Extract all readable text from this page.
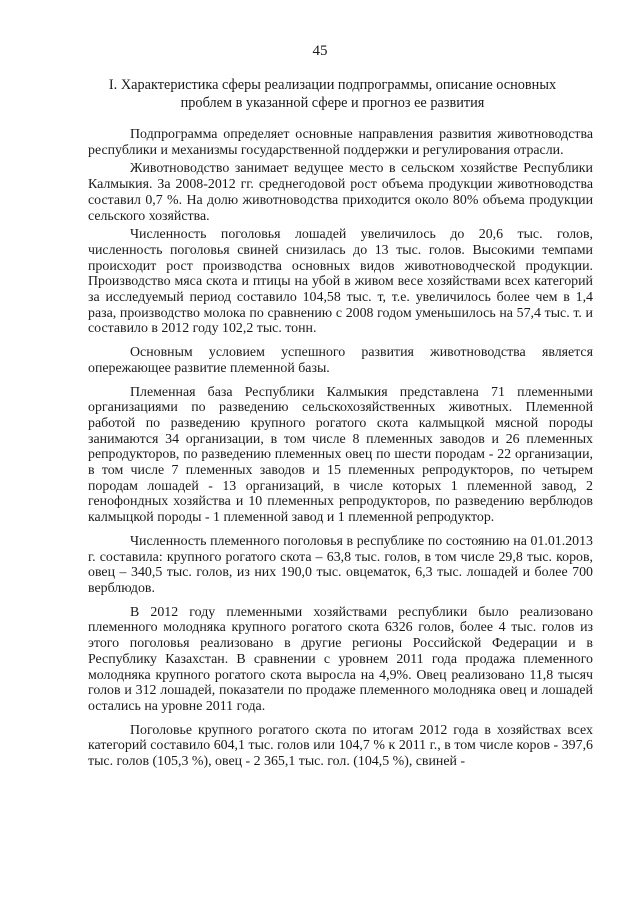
45
I. Характеристика сферы реализации подпрограммы, описание основных проблем в указанной сфере и прогноз ее развития

Подпрограмма определяет основные направления развития животноводства республики и механизмы государственной поддержки и регулирования отрасли.

Животноводство занимает ведущее место в сельском хозяйстве Республики Калмыкия. За 2008-2012 гг. среднегодовой рост объема продукции животноводства составил 0,7 %. На долю животноводства приходится около 80% объема продукции сельского хозяйства.

Численность поголовья лошадей увеличилось до 20,6 тыс. голов, численность поголовья свиней снизилась до 13 тыс. голов. Высокими темпами происходит рост производства основных видов животноводческой продукции. Производство мяса скота и птицы на убой в живом весе хозяйствами всех категорий за исследуемый период составило 104,58 тыс. т, т.е. увеличилось более чем в 1,4 раза, производство молока по сравнению с 2008 годом уменьшилось на 57,4 тыс. т. и составило в 2012 году 102,2 тыс. тонн.

Основным условием успешного развития животноводства является опережающее развитие племенной базы.

Племенная база Республики Калмыкия представлена 71 племенными организациями по разведению сельскохозяйственных животных. Племенной работой по разведению крупного рогатого скота калмыцкой мясной породы занимаются 34 организации, в том числе 8 племенных заводов и 26 племенных репродукторов, по разведению племенных овец по шести породам - 22 организации, в том числе 7 племенных заводов и 15 племенных репродукторов, по четырем породам лошадей - 13 организаций, в числе которых 1 племенной завод, 2 генофондных хозяйства и 10 племенных репродукторов, по разведению верблюдов калмыцкой породы - 1 племенной завод и 1 племенной репродуктор.

Численность племенного поголовья в республике по состоянию на 01.01.2013 г. составила: крупного рогатого скота – 63,8 тыс. голов, в том числе 29,8 тыс. коров, овец – 340,5 тыс. голов, из них 190,0 тыс. овцематок, 6,3 тыс. лошадей и более 700 верблюдов.

В 2012 году племенными хозяйствами республики было реализовано племенного молодняка крупного рогатого скота 6326 голов, более 4 тыс. голов из этого поголовья реализовано в другие регионы Российской Федерации и в Республику Казахстан. В сравнении с уровнем 2011 года продажа племенного молодняка крупного рогатого скота выросла на 4,9%. Овец реализовано 11,8 тысяч голов и 312 лошадей, показатели по продаже племенного молодняка овец и лошадей остались на уровне 2011 года.

Поголовье крупного рогатого скота по итогам 2012 года в хозяйствах всех категорий составило 604,1 тыс. голов или 104,7 % к 2011 г., в том числе коров - 397,6 тыс. голов (105,3 %), овец - 2 365,1 тыс. гол. (104,5 %), свиней -
